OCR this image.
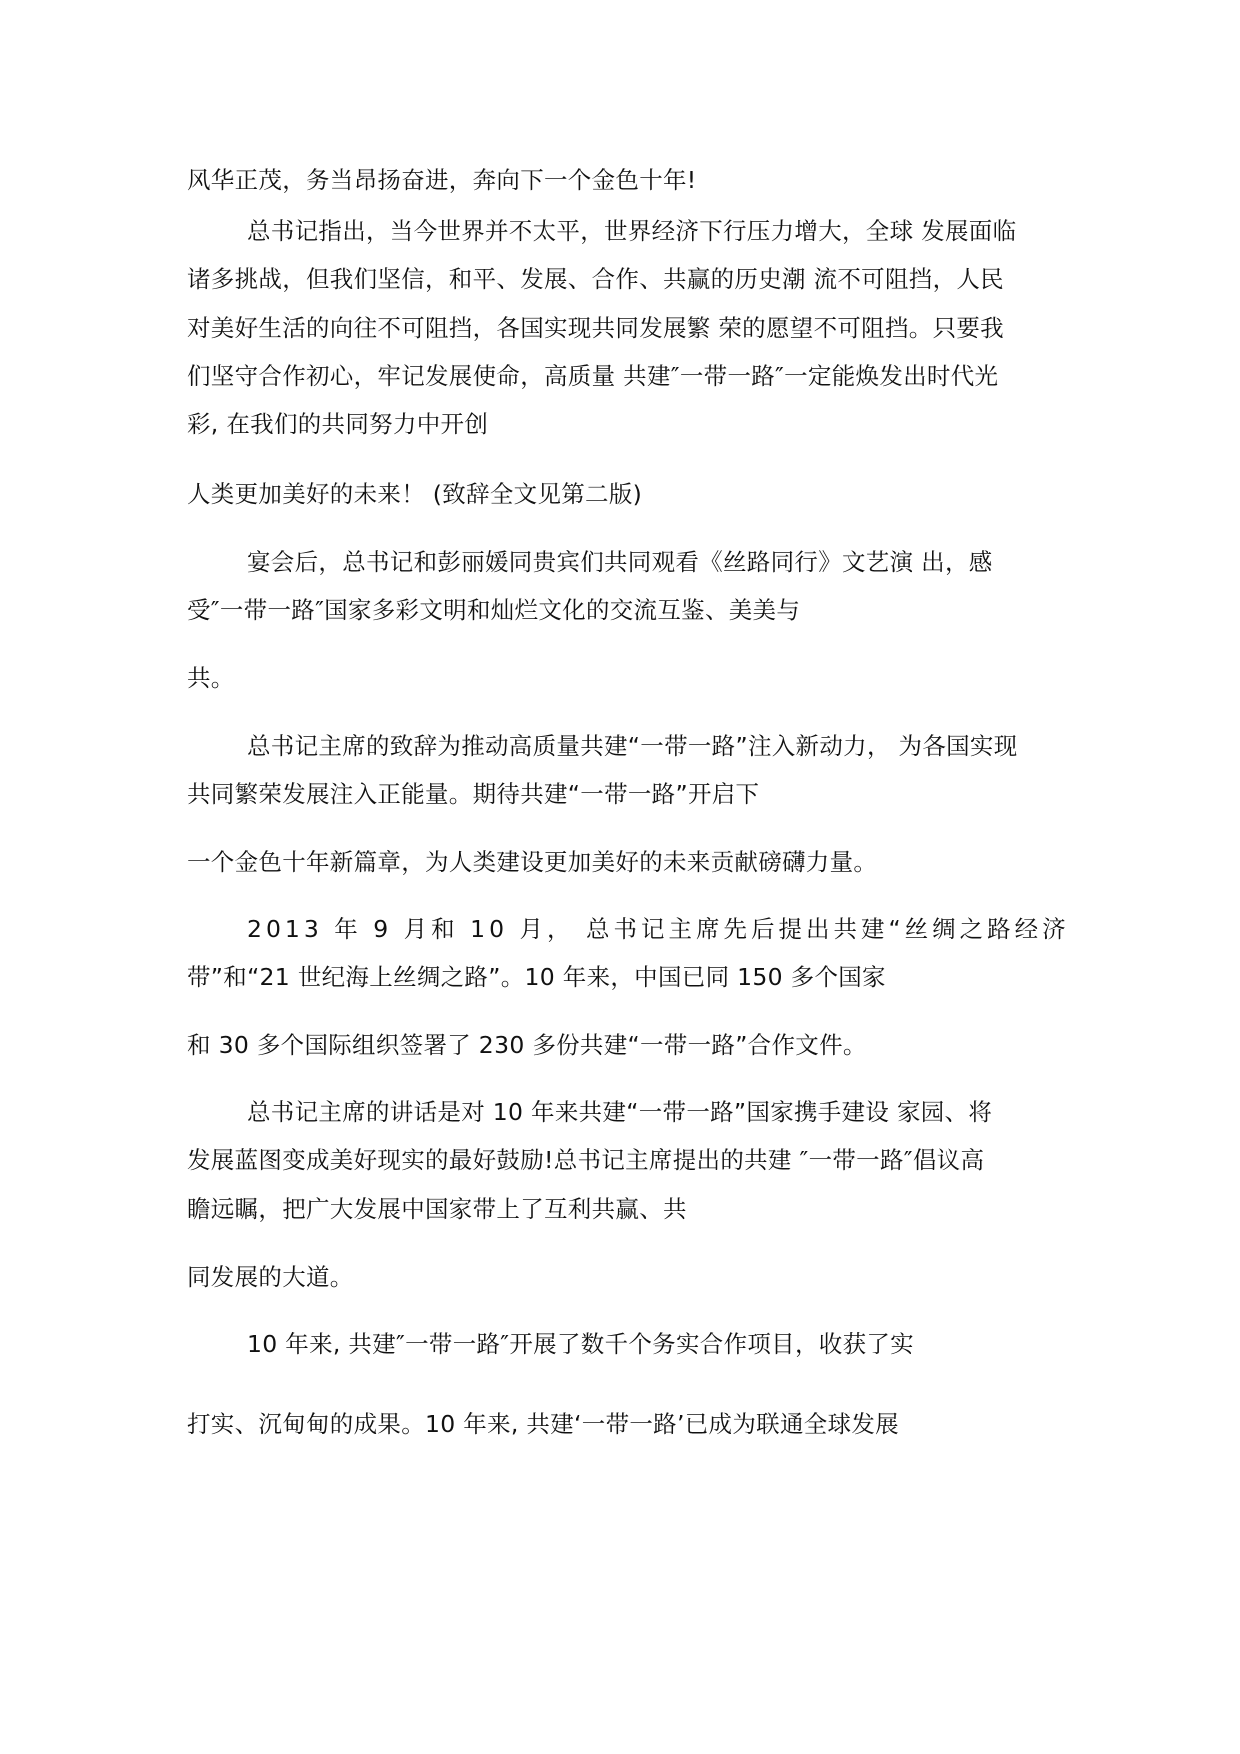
风华正茂，务当昂扬奋进，奔向下一个金色十年!
总书记指出，当今世界并不太平，世界经济下行压力增大，全球 发展面临
诸多挑战，但我们坚信，和平、发展、合作、共赢的历史潮 流不可阻挡，人民
对美好生活的向往不可阻挡，各国实现共同发展繁 荣的愿望不可阻挡。只要我
们坚守合作初心，牢记发展使命，高质量 共建″一带一路″一定能焕发出时代光
彩, 在我们的共同努力中开创
人类更加美好的未来！ (致辞全文见第二版)
宴会后，总书记和彭丽媛同贵宾们共同观看《丝路同行》文艺演 出，感
受″一带一路″国家多彩文明和灿烂文化的交流互鉴、美美与
共。
总书记主席的致辞为推动高质量共建“一带一路”注入新动力， 为各国实现
共同繁荣发展注入正能量。期待共建“一带一路”开启下
一个金色十年新篇章，为人类建设更加美好的未来贡献磅礴力量。
2013 年 9 月和 10 月， 总书记主席先后提出共建“丝绸之路经济
带”和“21 世纪海上丝绸之路”。10 年来，中国已同 150 多个国家
和 30 多个国际组织签署了 230 多份共建“一带一路”合作文件。
总书记主席的讲话是对 10 年来共建“一带一路”国家携手建设 家园、将
发展蓝图变成美好现实的最好鼓励!总书记主席提出的共建 ″一带一路″倡议高
瞻远瞩，把广大发展中国家带上了互利共赢、共
同发展的大道。
10 年来, 共建″一带一路″开展了数千个务实合作项目，收获了实
打实、沉甸甸的成果。10 年来, 共建‘一带一路’已成为联通全球发展
